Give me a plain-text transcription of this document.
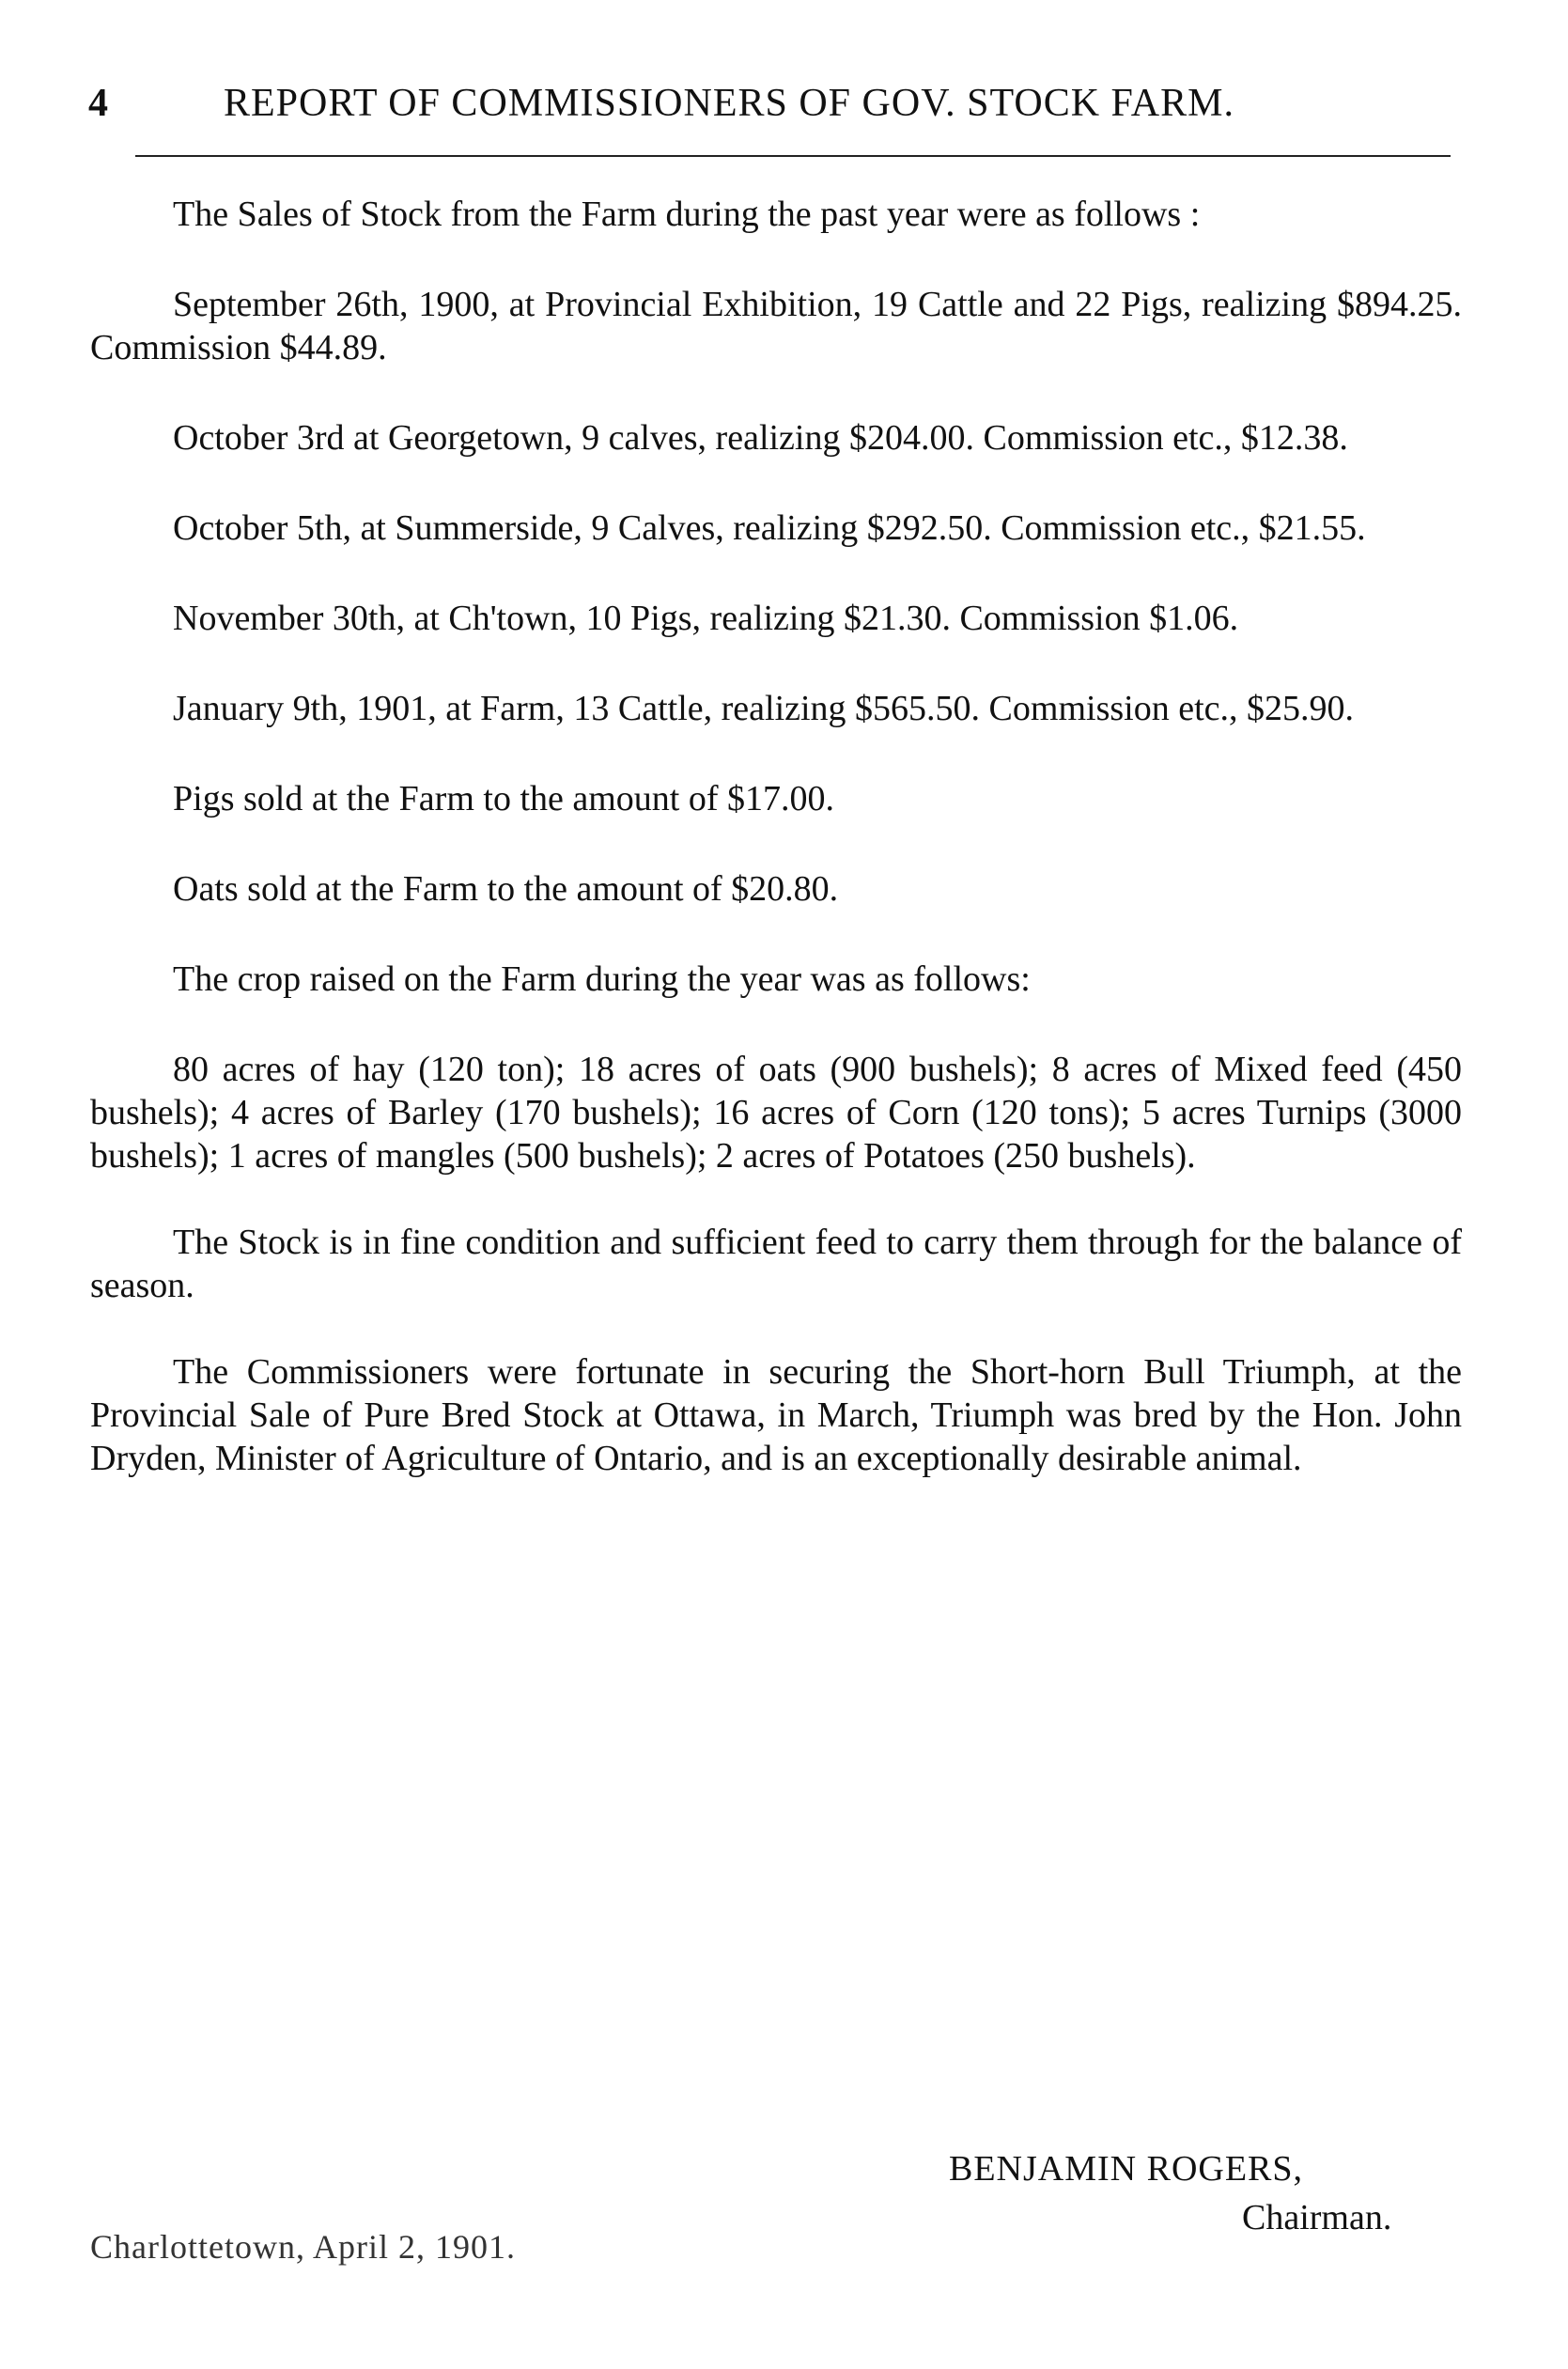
4	REPORT OF COMMISSIONERS OF GOV. STOCK FARM.

The Sales of Stock from the Farm during the past year were as follows :

September 26th, 1900, at Provincial Exhibition, 19 Cattle and 22 Pigs, realizing $894.25. Commission $44.89.

October 3rd at Georgetown, 9 calves, realizing $204.00. Commission etc., $12.38.

October 5th, at Summerside, 9 Calves, realizing $292.50. Commission etc., $21.55.

November 30th, at Ch'town, 10 Pigs, realizing $21.30. Commission $1.06.

January 9th, 1901, at Farm, 13 Cattle, realizing $565.50. Commission etc., $25.90.

Pigs sold at the Farm to the amount of $17.00.

Oats sold at the Farm to the amount of $20.80.

The crop raised on the Farm during the year was as follows:

80 acres of hay (120 ton); 18 acres of oats (900 bushels); 8 acres of Mixed feed (450 bushels); 4 acres of Barley (170 bushels); 16 acres of Corn (120 tons); 5 acres Turnips (3000 bushels); 1 acres of mangles (500 bushels); 2 acres of Potatoes (250 bushels).

The Stock is in fine condition and sufficient feed to carry them through for the balance of season.

The Commissioners were fortunate in securing the Short-horn Bull Triumph, at the Provincial Sale of Pure Bred Stock at Ottawa, in March, Triumph was bred by the Hon. John Dryden, Minister of Agriculture of Ontario, and is an exceptionally desirable animal.

BENJAMIN ROGERS,
Chairman.
Charlottetown, April 2, 1901.
